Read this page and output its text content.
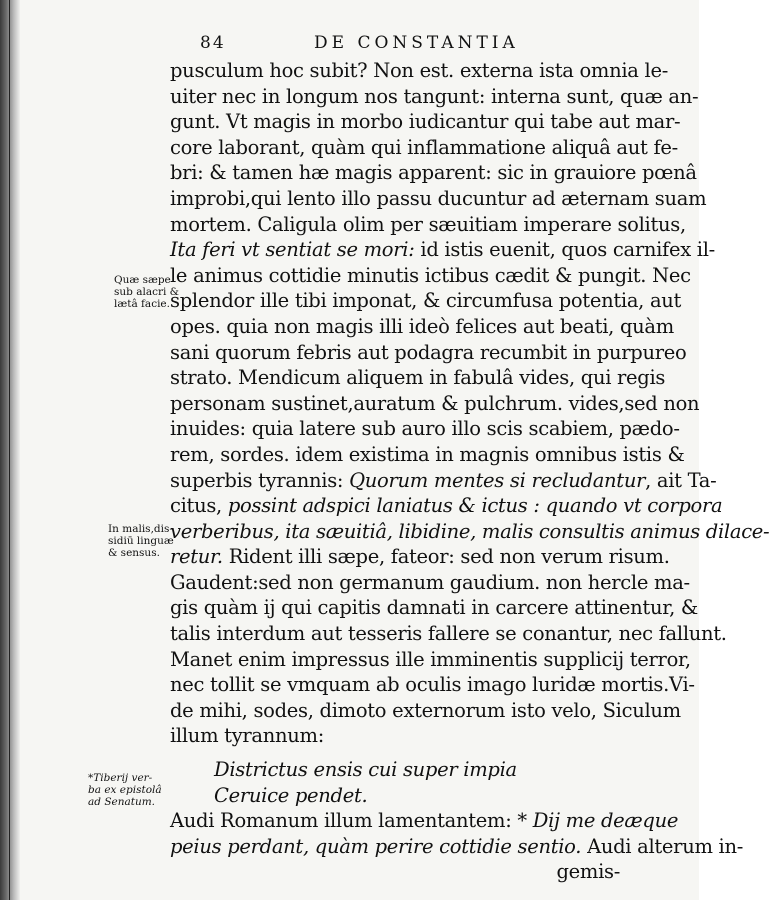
84	DE CONSTANTIA
pusculum hoc subit? Non est. externa ista omnia le-
uiter nec in longum nos tangunt: interna sunt, quæ an-
gunt. Vt magis in morbo iudicantur qui tabe aut mar-
core laborant, quàm qui inflammatione aliquâ aut fe-
bri: & tamen hæ magis apparent: sic in grauiore pœnâ
improbi,qui lento illo passu ducuntur ad æternam suam
mortem. Caligula olim per sæuitiam imperare solitus,
Ita feri vt sentiat se mori: id istis euenit, quos carnifex il-
le animus cottidie minutis ictibus cædit & pungit. Nec
splendor ille tibi imponat, & circumfusa potentia, aut
opes. quia non magis illi ideò felices aut beati, quàm
sani quorum febris aut podagra recumbit in purpureo
strato. Mendicum aliquem in fabulâ vides, qui regis
personam sustinet,auratum & pulchrum. vides,sed non
inuides: quia latere sub auro illo scis scabiem, pædo-
rem, sordes. idem existima in magnis omnibus istis &
superbis tyrannis: Quorum mentes si recludantur, ait Ta-
citus, possint adspici laniatus & ictus : quando vt corpora
verberibus, ita sæuitiâ, libidine, malis consultis animus dilace-
retur. Rident illi sæpe, fateor: sed non verum risum.
Gaudent:sed non germanum gaudium. non hercle ma-
gis quàm ij qui capitis damnati in carcere attinentur, &
talis interdum aut tesseris fallere se conantur, nec fallunt.
Manet enim impressus ille imminentis supplicij terror,
nec tollit se vmquam ab oculis imago luridæ mortis.Vi-
de mihi, sodes, dimoto externorum isto velo, Siculum
illum tyrannum:
Districtus ensis cui super impia
Ceruice pendet.
Audi Romanum illum lamentantem: * Dij me deæque
peius perdant, quàm perire cottidie sentio. Audi alterum in-
gemis-
Quæ sæpe
sub alacri &
lætâ facie.
In malis,dis-
sidiū linguæ
& sensus.
*Tiberij ver-
ba ex epistolâ
ad Senatum.
